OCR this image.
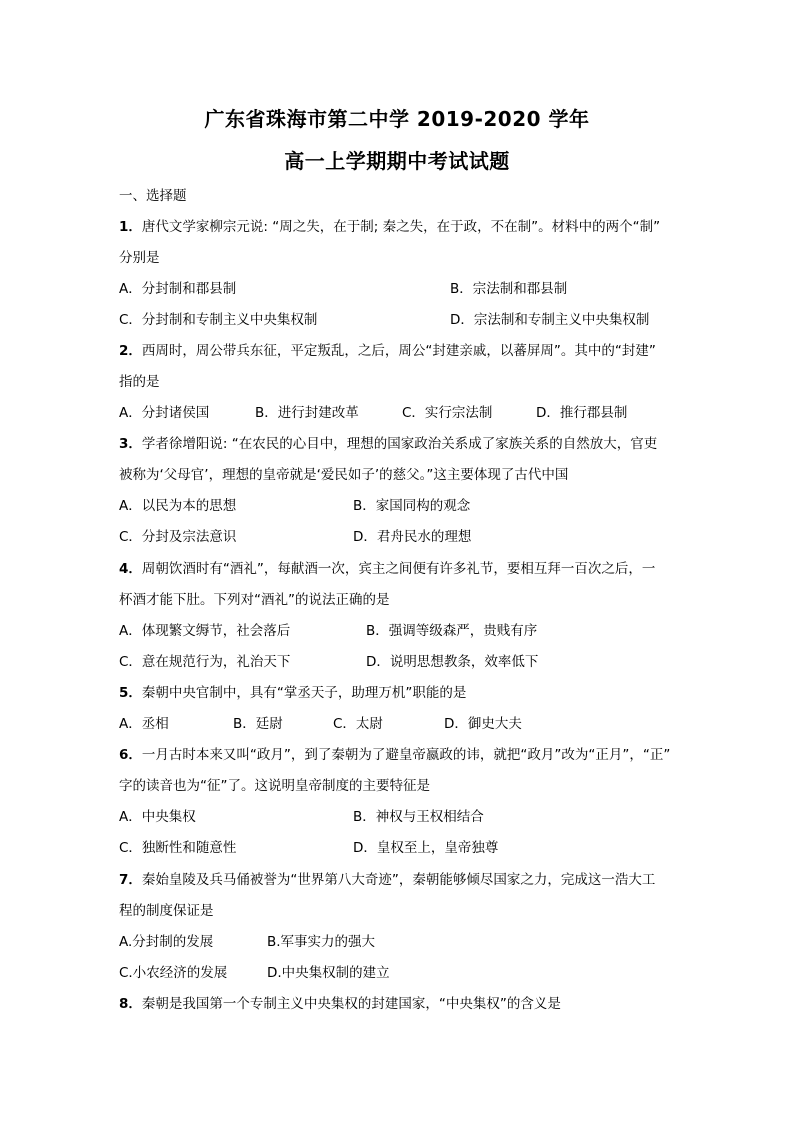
广东省珠海市第二中学 2019-2020 学年
高一上学期期中考试试题
一、选择题
1．唐代文学家柳宗元说: “周之失，在于制; 秦之失，在于政，不在制”。材料中的两个“制”
分别是
A．分封制和郡县制	B．宗法制和郡县制
C．分封制和专制主义中央集权制	D．宗法制和专制主义中央集权制
2．西周时，周公带兵东征，平定叛乱，之后，周公“封建亲戚，以蕃屏周”。其中的“封建”
指的是
A．分封诸侯国	B．进行封建改革	C．实行宗法制	D．推行郡县制
3．学者徐增阳说: “在农民的心目中，理想的国家政治关系成了家族关系的自然放大，官吏
被称为‘父母官’，理想的皇帝就是‘爱民如子’的慈父。”这主要体现了古代中国
A．以民为本的思想	B．家国同构的观念
C．分封及宗法意识	D．君舟民水的理想
4．周朝饮酒时有“酒礼”，每献酒一次，宾主之间便有许多礼节，要相互拜一百次之后，一
杯酒才能下肚。下列对“酒礼”的说法正确的是
A．体现繁文缛节，社会落后	B．强调等级森严，贵贱有序
C．意在规范行为，礼治天下	D．说明思想教条，效率低下
5．秦朝中央官制中，具有“掌丞天子，助理万机”职能的是
A．丞相	B．廷尉	C．太尉	D．御史大夫
6．一月古时本来又叫“政月”，到了秦朝为了避皇帝嬴政的讳，就把“政月”改为“正月”，“正”
字的读音也为“征”了。这说明皇帝制度的主要特征是
A．中央集权	B．神权与王权相结合
C．独断性和随意性	D．皇权至上，皇帝独尊
7．秦始皇陵及兵马俑被誉为“世界第八大奇迹”，秦朝能够倾尽国家之力，完成这一浩大工
程的制度保证是
A.分封制的发展	B.军事实力的强大
C.小农经济的发展	D.中央集权制的建立
8．秦朝是我国第一个专制主义中央集权的封建国家，“中央集权”的含义是
